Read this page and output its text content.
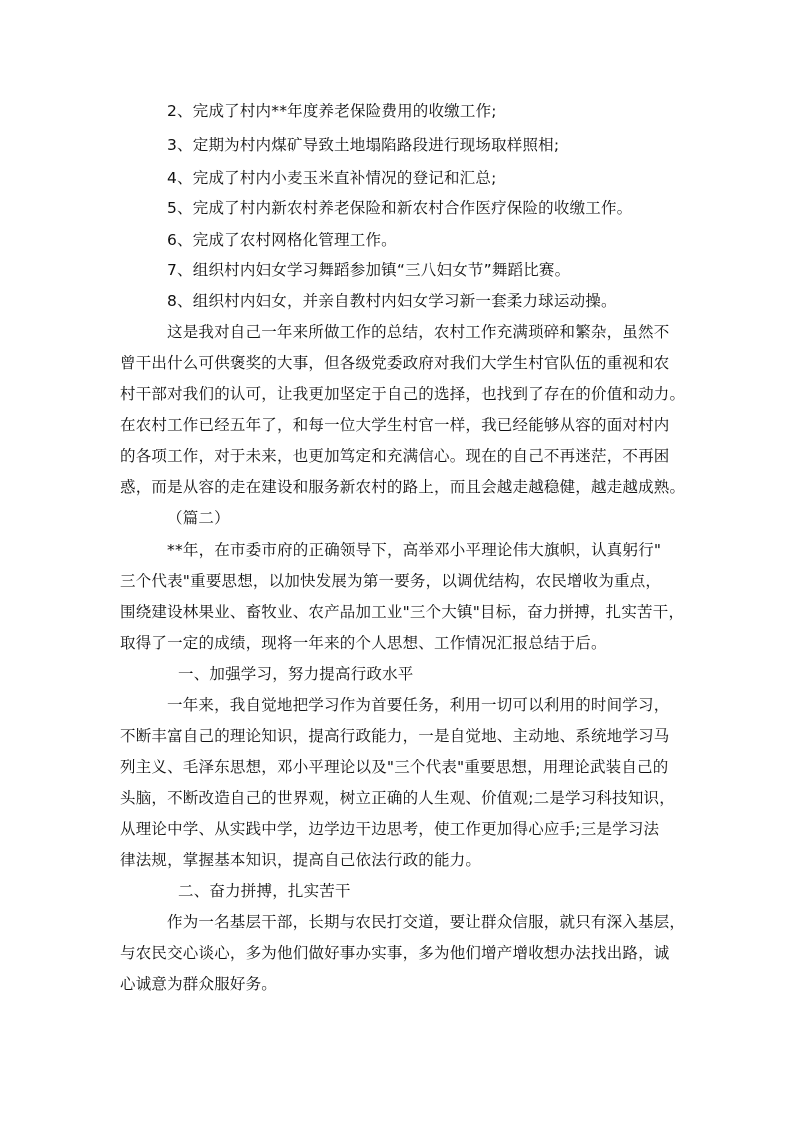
2、完成了村内**年度养老保险费用的收缴工作;
3、定期为村内煤矿导致土地塌陷路段进行现场取样照相;
4、完成了村内小麦玉米直补情况的登记和汇总;
5、完成了村内新农村养老保险和新农村合作医疗保险的收缴工作。
6、完成了农村网格化管理工作。
7、组织村内妇女学习舞蹈参加镇“三八妇女节”舞蹈比赛。
8、组织村内妇女，并亲自教村内妇女学习新一套柔力球运动操。
这是我对自己一年来所做工作的总结，农村工作充满琐碎和繁杂，虽然不
曾干出什么可供褒奖的大事，但各级党委政府对我们大学生村官队伍的重视和农
村干部对我们的认可，让我更加坚定于自己的选择，也找到了存在的价值和动力。
在农村工作已经五年了，和每一位大学生村官一样，我已经能够从容的面对村内
的各项工作，对于未来，也更加笃定和充满信心。现在的自己不再迷茫，不再困
惑，而是从容的走在建设和服务新农村的路上，而且会越走越稳健，越走越成熟。
（篇二）
**年，在市委市府的正确领导下，高举邓小平理论伟大旗帜，认真躬行"
三个代表"重要思想，以加快发展为第一要务，以调优结构，农民增收为重点，
围绕建设林果业、畜牧业、农产品加工业"三个大镇"目标，奋力拼搏，扎实苦干，
取得了一定的成绩，现将一年来的个人思想、工作情况汇报总结于后。
一、加强学习，努力提高行政水平
一年来，我自觉地把学习作为首要任务，利用一切可以利用的时间学习，
不断丰富自己的理论知识，提高行政能力，一是自觉地、主动地、系统地学习马
列主义、毛泽东思想，邓小平理论以及"三个代表"重要思想，用理论武装自己的
头脑，不断改造自己的世界观，树立正确的人生观、价值观;二是学习科技知识，
从理论中学、从实践中学，边学边干边思考，使工作更加得心应手;三是学习法
律法规，掌握基本知识，提高自己依法行政的能力。
二、奋力拼搏，扎实苦干
作为一名基层干部，长期与农民打交道，要让群众信服，就只有深入基层，
与农民交心谈心，多为他们做好事办实事，多为他们增产增收想办法找出路，诚
心诚意为群众服好务。
